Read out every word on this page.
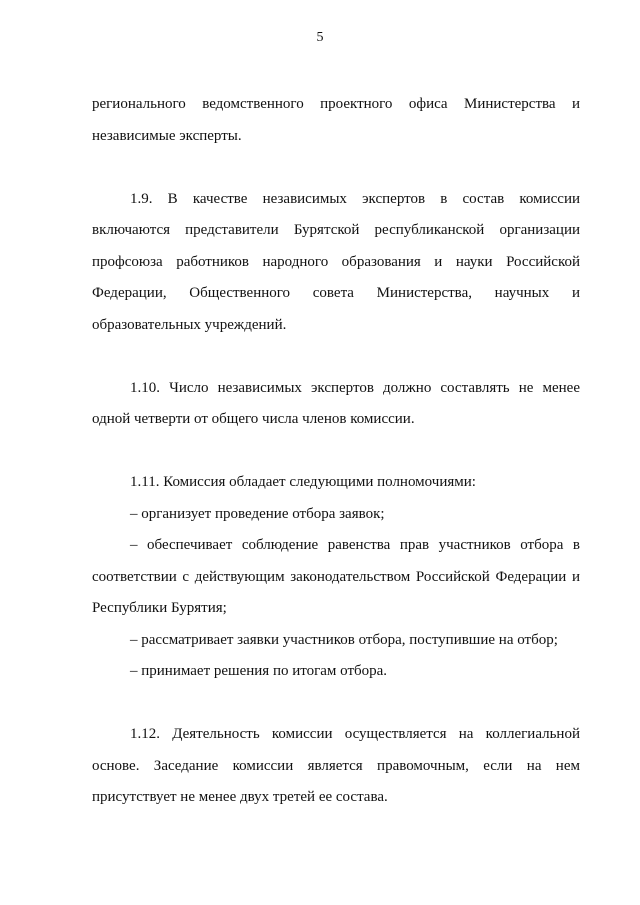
5

регионального ведомственного проектного офиса Министерства и независимые эксперты.

1.9. В качестве независимых экспертов в состав комиссии включаются представители Бурятской республиканской организации профсоюза работников народного образования и науки Российской Федерации, Общественного совета Министерства, научных и образовательных учреждений.

1.10. Число независимых экспертов должно составлять не менее одной четверти от общего числа членов комиссии.

1.11. Комиссия обладает следующими полномочиями:

– организует проведение отбора заявок;

– обеспечивает соблюдение равенства прав участников отбора в соответствии с действующим законодательством Российской Федерации и Республики Бурятия;

– рассматривает заявки участников отбора, поступившие на отбор;

– принимает решения по итогам отбора.

1.12. Деятельность комиссии осуществляется на коллегиальной основе. Заседание комиссии является правомочным, если на нем присутствует не менее двух третей ее состава.
